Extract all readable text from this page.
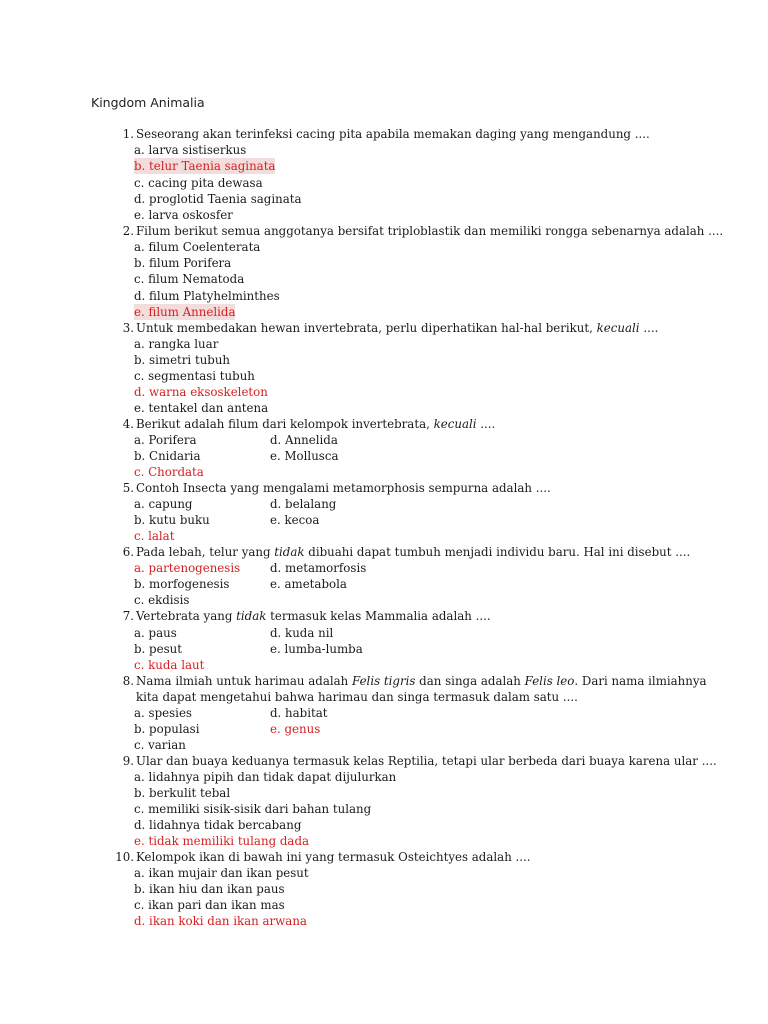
Kingdom Animalia
1. Seseorang akan terinfeksi cacing pita apabila memakan daging yang mengandung ....
a. larva sistiserkus
b. telur Taenia saginata
c. cacing pita dewasa
d. proglotid Taenia saginata
e. larva oskosfer
2. Filum berikut semua anggotanya bersifat triploblastik dan memiliki rongga sebenarnya adalah ....
a. filum Coelenterata
b. filum Porifera
c. filum Nematoda
d. filum Platyhelminthes
e. filum Annelida
3. Untuk membedakan hewan invertebrata, perlu diperhatikan hal-hal berikut, kecuali ....
a. rangka luar
b. simetri tubuh
c. segmentasi tubuh
d. warna eksoskeleton
e. tentakel dan antena
4. Berikut adalah filum dari kelompok invertebrata, kecuali ....
a. Porifera	d. Annelida
b. Cnidaria	e. Mollusca
c. Chordata
5. Contoh Insecta yang mengalami metamorphosis sempurna adalah ....
a. capung	d. belalang
b. kutu buku	e. kecoa
c. lalat
6. Pada lebah, telur yang tidak dibuahi dapat tumbuh menjadi individu baru. Hal ini disebut ....
a. partenogenesis	d. metamorfosis
b. morfogenesis	e. ametabola
c. ekdisis
7. Vertebrata yang tidak termasuk kelas Mammalia adalah ....
a. paus	d. kuda nil
b. pesut	e. lumba-lumba
c. kuda laut
8. Nama ilmiah untuk harimau adalah Felis tigris dan singa adalah Felis leo. Dari nama ilmiahnya
kita dapat mengetahui bahwa harimau dan singa termasuk dalam satu ....
a. spesies	d. habitat
b. populasi	e. genus
c. varian
9. Ular dan buaya keduanya termasuk kelas Reptilia, tetapi ular berbeda dari buaya karena ular ....
a. lidahnya pipih dan tidak dapat dijulurkan
b. berkulit tebal
c. memiliki sisik-sisik dari bahan tulang
d. lidahnya tidak bercabang
e. tidak memiliki tulang dada
10. Kelompok ikan di bawah ini yang termasuk Osteichtyes adalah ....
a. ikan mujair dan ikan pesut
b. ikan hiu dan ikan paus
c. ikan pari dan ikan mas
d. ikan koki dan ikan arwana
